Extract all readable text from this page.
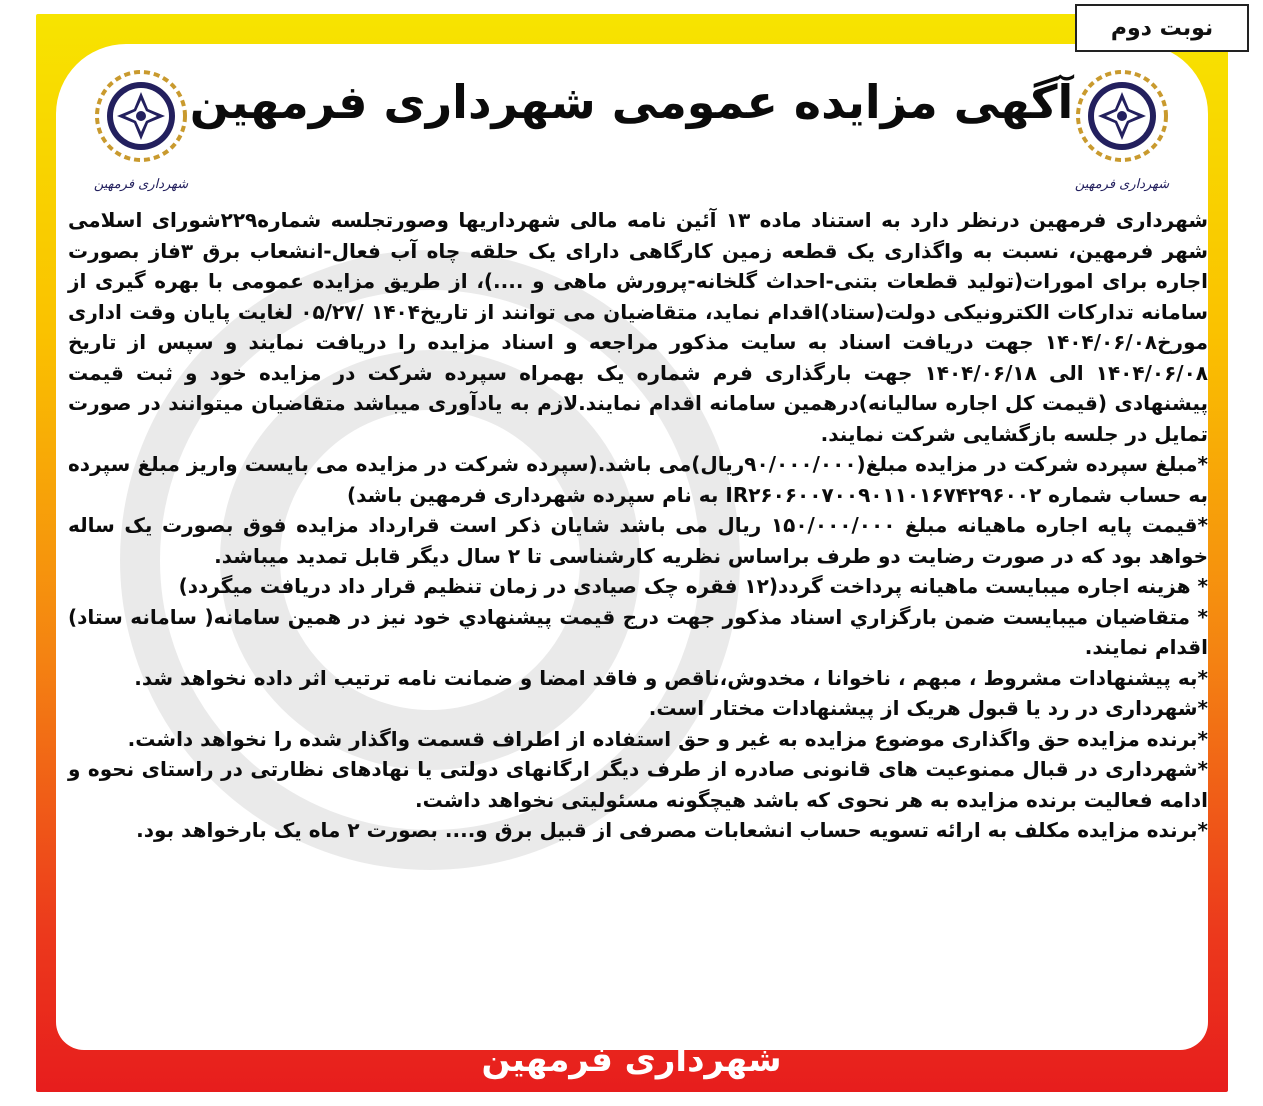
نوبت دوم
شهرداری فرمهین	شهرداری فرمهین
آگهی مزایده عمومی شهرداری فرمهین

شهرداری فرمهین درنظر دارد به استناد ماده ۱۳ آئین نامه مالی شهرداریها وصورتجلسه شماره۲۲۹شورای اسلامی شهر فرمهین، نسبت به واگذاری یک قطعه زمین کارگاهی دارای یک حلقه چاه آب فعال-انشعاب برق ۳فاز بصورت اجاره برای امورات(تولید قطعات بتنی-احداث گلخانه-پرورش ماهی و ....)، از طریق مزایده عمومی با بهره گیری از سامانه تدارکات الکترونیکی دولت(ستاد)اقدام نماید، متقاضیان می توانند از تاریخ۱۴۰۴ /۰۵/۲۷ لغایت پایان وقت اداری مورخ۱۴۰۴/۰۶/۰۸ جهت دریافت اسناد به سایت مذکور مراجعه و اسناد مزایده را دریافت نمایند و سپس از تاریخ ۱۴۰۴/۰۶/۰۸ الی ۱۴۰۴/۰۶/۱۸ جهت بارگذاری فرم شماره یک بهمراه سپرده شرکت در مزایده خود و ثبت قیمت پیشنهادی (قیمت کل اجاره سالیانه)درهمین سامانه اقدام نمایند.لازم به یادآوری میباشد متقاضیان میتوانند در صورت تمایل در جلسه بازگشایی شرکت نمایند.

*مبلغ سپرده شرکت در مزایده مبلغ(۹۰/۰۰۰/۰۰۰ریال)می باشد.(سپرده شرکت در مزایده می بایست واریز مبلغ سپرده به حساب شماره IR۲۶۰۶۰۰۷۰۰۹۰۱۱۰۱۶۷۴۲۹۶۰۰۲ به نام سپرده شهرداری فرمهین باشد)

*قیمت پایه اجاره ماهیانه مبلغ ۱۵۰/۰۰۰/۰۰۰ ریال می باشد شایان ذکر است قرارداد مزایده فوق بصورت یک ساله خواهد بود که در صورت رضایت دو طرف براساس نظریه کارشناسی تا ۲ سال دیگر قابل تمدید میباشد.

* هزینه اجاره میبایست ماهیانه پرداخت گردد(۱۲ فقره چک صیادی در زمان تنظیم قرار داد دریافت میگردد)

* متقاضیان میبایست ضمن بارگزاري اسناد مذکور جهت درج قیمت پیشنهادي خود نیز در همین سامانه( سامانه ستاد) اقدام نمایند.

*به پیشنهادات مشروط ، مبهم ، ناخوانا ، مخدوش،ناقص و فاقد امضا و ضمانت نامه ترتیب اثر داده نخواهد شد.

*شهرداری در رد یا قبول هریک از پیشنهادات مختار است.

*برنده مزایده حق واگذاری موضوع مزایده به غیر و حق استفاده از اطراف قسمت واگذار شده را نخواهد داشت.

*شهرداری در قبال ممنوعیت های قانونی صادره از طرف دیگر ارگانهای دولتی یا نهادهای نظارتی در راستای نحوه و ادامه فعالیت برنده مزایده به هر نحوی که باشد هیچگونه مسئولیتی نخواهد داشت.

*برنده مزایده مکلف به ارائه تسویه حساب انشعابات مصرفی از قبیل برق و.... بصورت ۲ ماه یک بارخواهد بود.

شهرداری فرمهین
